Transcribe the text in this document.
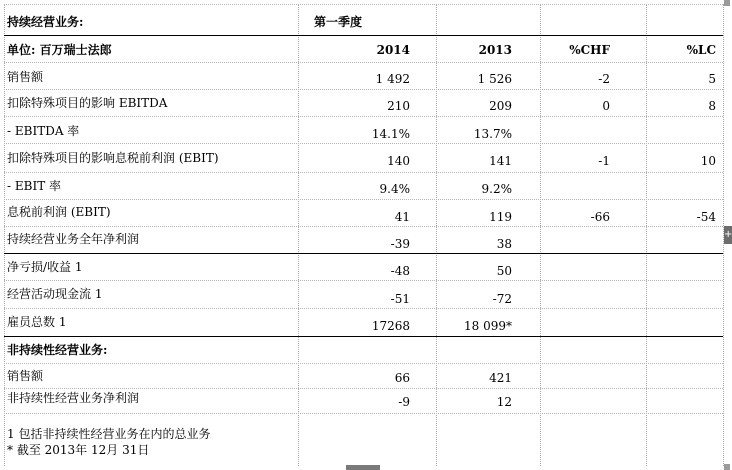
持续经营业务:	第一季度
单位: 百万瑞士法郎	2014	2013	%CHF	%LC
销售额	1 492	1 526	-2	5
扣除特殊项目的影响 EBITDA	210	209	0	8
- EBITDA 率	14.1%	13.7%
扣除特殊项目的影响息税前利润 (EBIT)	140	141	-1	10
- EBIT 率	9.4%	9.2%
息税前利润 (EBIT)	41	119	-66	-54
持续经营业务全年净利润	-39	38
净亏损/收益 1	-48	50
经营活动现金流 1	-51	-72
雇员总数 1	17268	18 099*
非持续性经营业务:
销售额	66	421
非持续性经营业务净利润	-9	12
1 包括非持续性经营业务在内的总业务
* 截至 2013年 12月 31日
+
